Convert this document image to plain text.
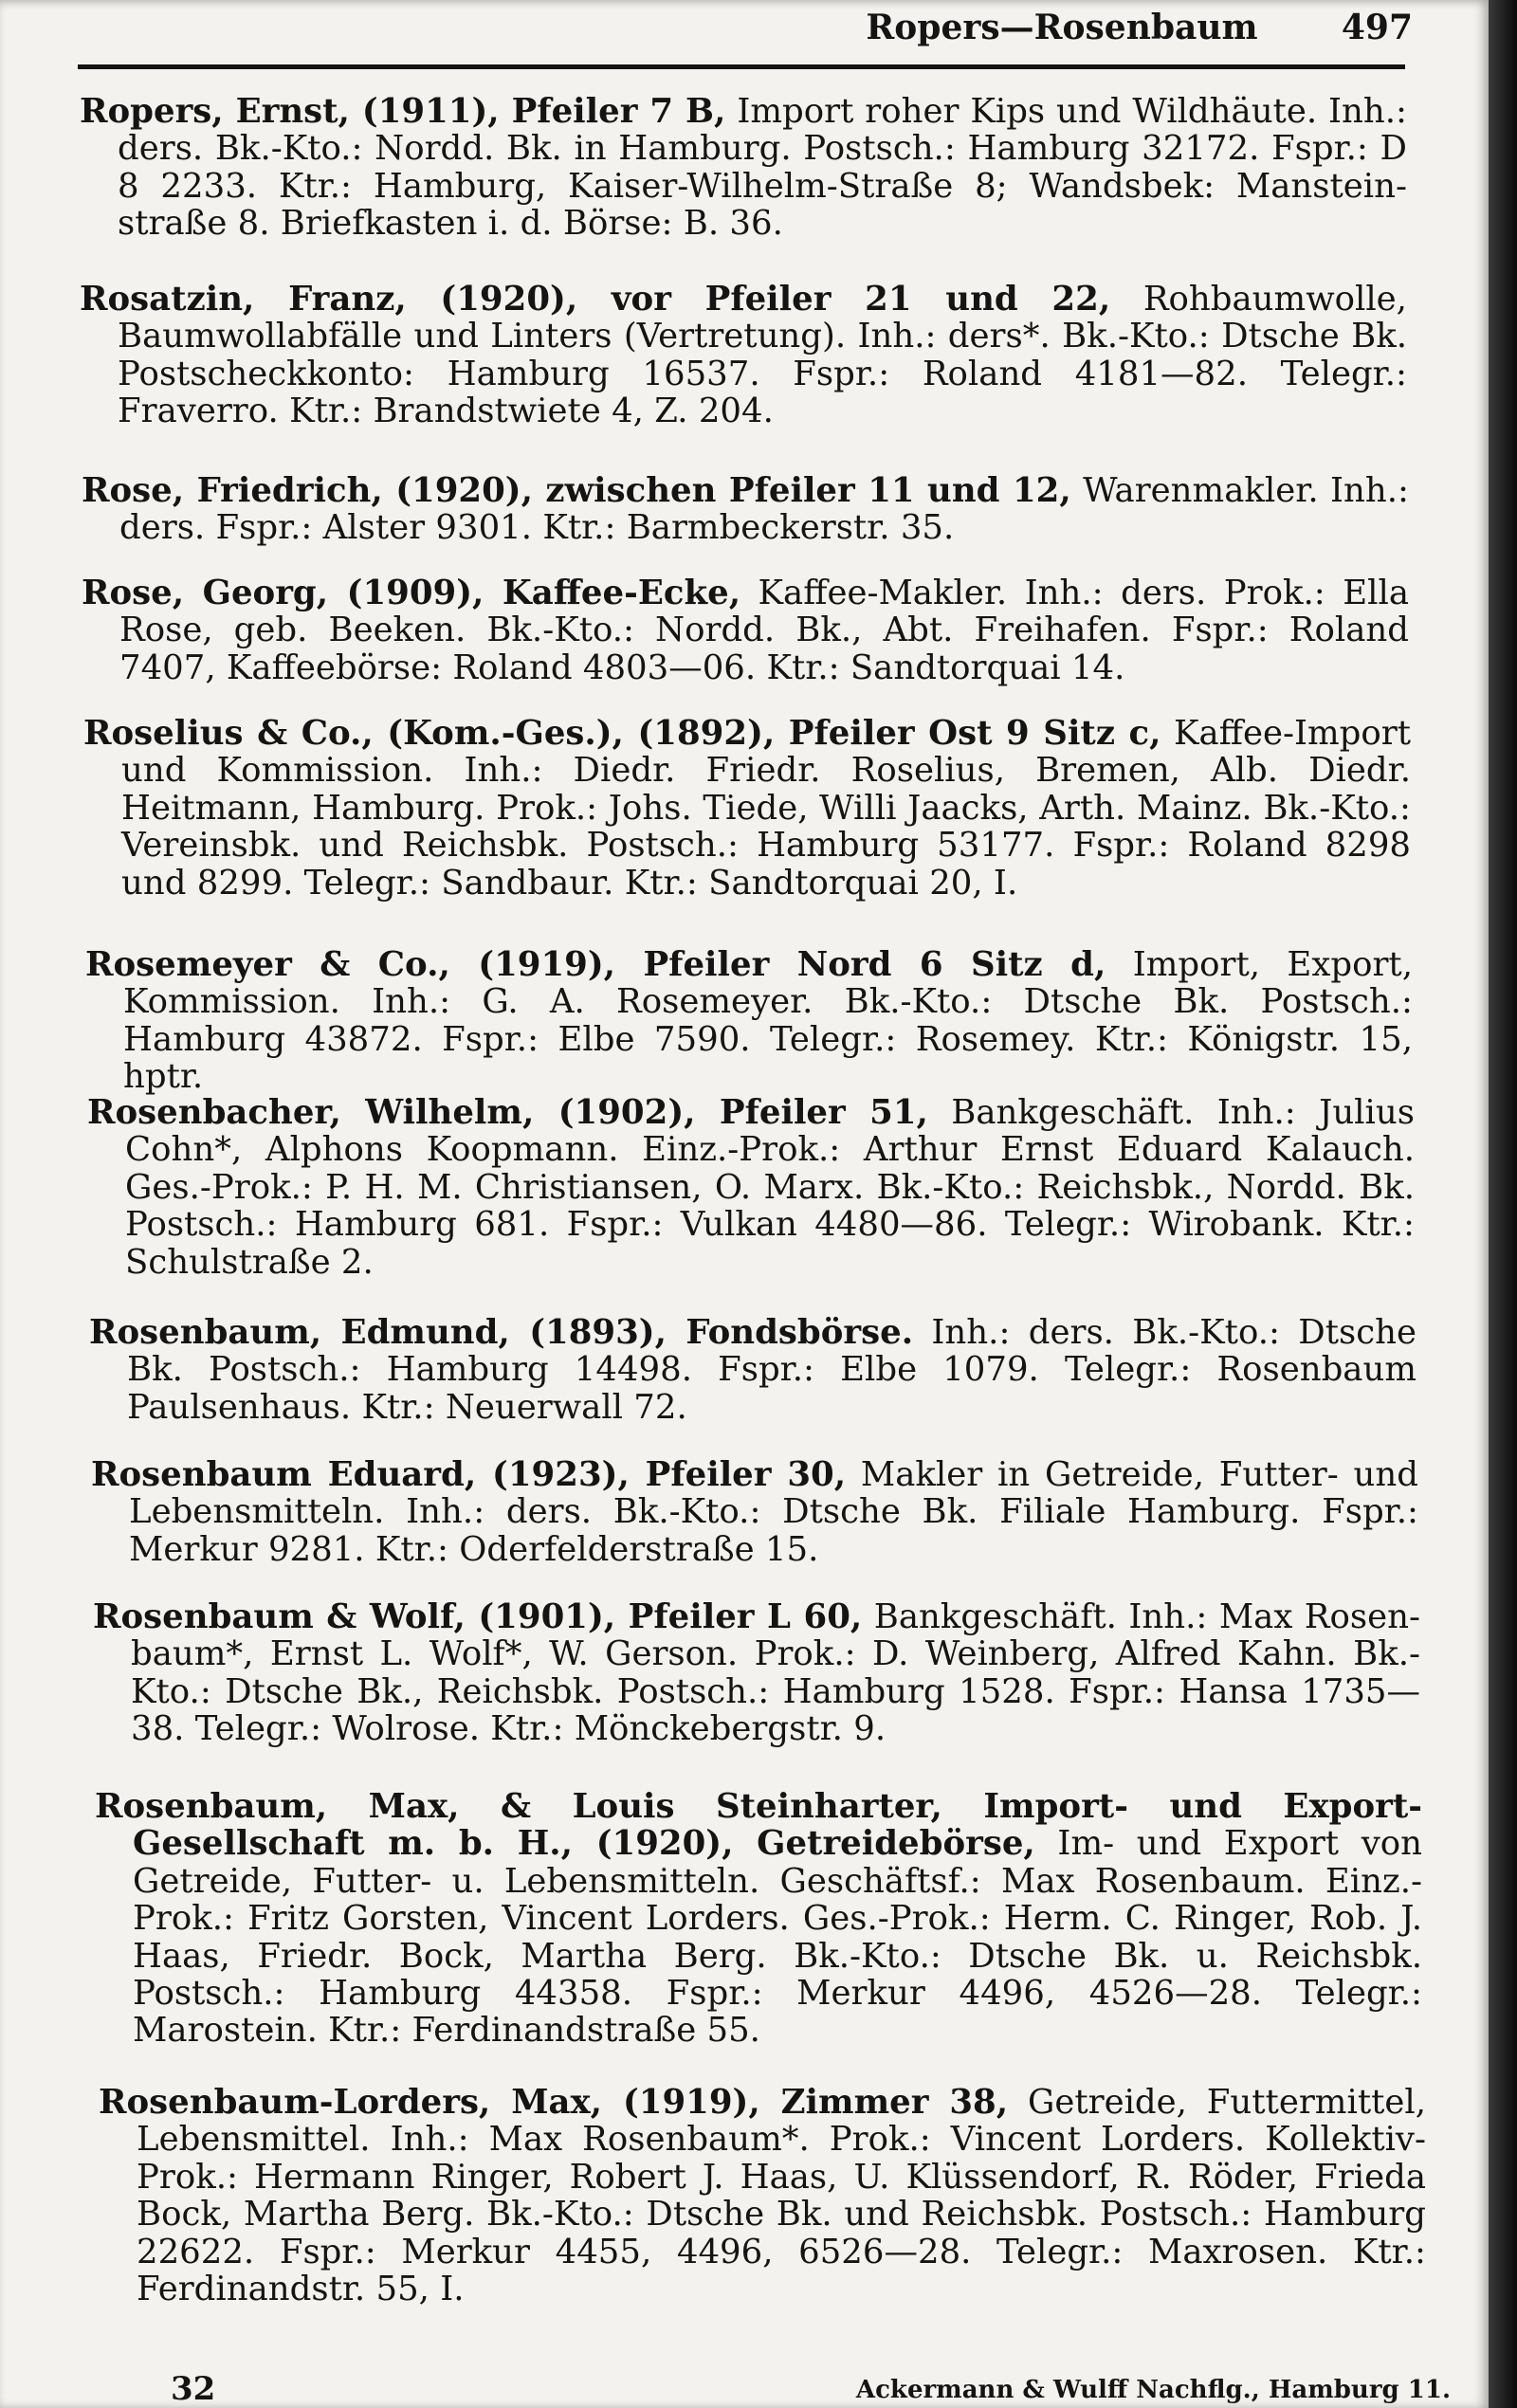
Ropers—Rosenbaum	497

Ropers, Ernst, (1911), Pfeiler 7 B, Import roher Kips und Wildhäute. Inh.: ders. Bk.-Kto.: Nordd. Bk. in Hamburg. Postsch.: Hamburg 32172. Fspr.: D 8 2233. Ktr.: Hamburg, Kaiser-Wilhelm-Straße 8; Wandsbek: Mansteinstraße 8. Briefkasten i. d. Börse: B. 36.

Rosatzin, Franz, (1920), vor Pfeiler 21 und 22, Rohbaumwolle, Baumwollabfälle und Linters (Vertretung). Inh.: ders*. Bk.-Kto.: Dtsche Bk. Postscheckkonto: Hamburg 16537. Fspr.: Roland 4181—82. Telegr.: Fraverro. Ktr.: Brandstwiete 4, Z. 204.

Rose, Friedrich, (1920), zwischen Pfeiler 11 und 12, Warenmakler. Inh.: ders. Fspr.: Alster 9301. Ktr.: Barmbeckerstr. 35.

Rose, Georg, (1909), Kaffee-Ecke, Kaffee-Makler. Inh.: ders. Prok.: Ella Rose, geb. Beeken. Bk.-Kto.: Nordd. Bk., Abt. Freihafen. Fspr.: Roland 7407, Kaffeebörse: Roland 4803—06. Ktr.: Sandtorquai 14.

Roselius & Co., (Kom.-Ges.), (1892), Pfeiler Ost 9 Sitz c, Kaffee-Import und Kommission. Inh.: Diedr. Friedr. Roselius, Bremen, Alb. Diedr. Heitmann, Hamburg. Prok.: Johs. Tiede, Willi Jaacks, Arth. Mainz. Bk.-Kto.: Vereinsbk. und Reichsbk. Postsch.: Hamburg 53177. Fspr.: Roland 8298 und 8299. Telegr.: Sandbaur. Ktr.: Sandtorquai 20, I.

Rosemeyer & Co., (1919), Pfeiler Nord 6 Sitz d, Import, Export, Kommission. Inh.: G. A. Rosemeyer. Bk.-Kto.: Dtsche Bk. Postsch.: Hamburg 43872. Fspr.: Elbe 7590. Telegr.: Rosemey. Ktr.: Königstr. 15, hptr.

Rosenbacher, Wilhelm, (1902), Pfeiler 51, Bankgeschäft. Inh.: Julius Cohn*, Alphons Koopmann. Einz.-Prok.: Arthur Ernst Eduard Kalauch. Ges.-Prok.: P. H. M. Christiansen, O. Marx. Bk.-Kto.: Reichsbk., Nordd. Bk. Postsch.: Hamburg 681. Fspr.: Vulkan 4480—86. Telegr.: Wirobank. Ktr.: Schulstraße 2.

Rosenbaum, Edmund, (1893), Fondsbörse. Inh.: ders. Bk.-Kto.: Dtsche Bk. Postsch.: Hamburg 14498. Fspr.: Elbe 1079. Telegr.: Rosenbaum Paulsenhaus. Ktr.: Neuerwall 72.

Rosenbaum Eduard, (1923), Pfeiler 30, Makler in Getreide, Futter- und Lebensmitteln. Inh.: ders. Bk.-Kto.: Dtsche Bk. Filiale Hamburg. Fspr.: Merkur 9281. Ktr.: Oderfelderstraße 15.

Rosenbaum & Wolf, (1901), Pfeiler L 60, Bankgeschäft. Inh.: Max Rosenbaum*, Ernst L. Wolf*, W. Gerson. Prok.: D. Weinberg, Alfred Kahn. Bk.-Kto.: Dtsche Bk., Reichsbk. Postsch.: Hamburg 1528. Fspr.: Hansa 1735—38. Telegr.: Wolrose. Ktr.: Mönckebergstr. 9.

Rosenbaum, Max, & Louis Steinharter, Import- und Export-Gesellschaft m. b. H., (1920), Getreidebörse, Im- und Export von Getreide, Futter- u. Lebensmitteln. Geschäftsf.: Max Rosenbaum. Einz.-Prok.: Fritz Gorsten, Vincent Lorders. Ges.-Prok.: Herm. C. Ringer, Rob. J. Haas, Friedr. Bock, Martha Berg. Bk.-Kto.: Dtsche Bk. u. Reichsbk. Postsch.: Hamburg 44358. Fspr.: Merkur 4496, 4526—28. Telegr.: Marostein. Ktr.: Ferdinandstraße 55.

Rosenbaum-Lorders, Max, (1919), Zimmer 38, Getreide, Futtermittel, Lebensmittel. Inh.: Max Rosenbaum*. Prok.: Vincent Lorders. Kollektiv-Prok.: Hermann Ringer, Robert J. Haas, U. Klüssendorf, R. Röder, Frieda Bock, Martha Berg. Bk.-Kto.: Dtsche Bk. und Reichsbk. Postsch.: Hamburg 22622. Fspr.: Merkur 4455, 4496, 6526—28. Telegr.: Maxrosen. Ktr.: Ferdinandstr. 55, I.

32	Ackermann & Wulff Nachflg., Hamburg 11.
